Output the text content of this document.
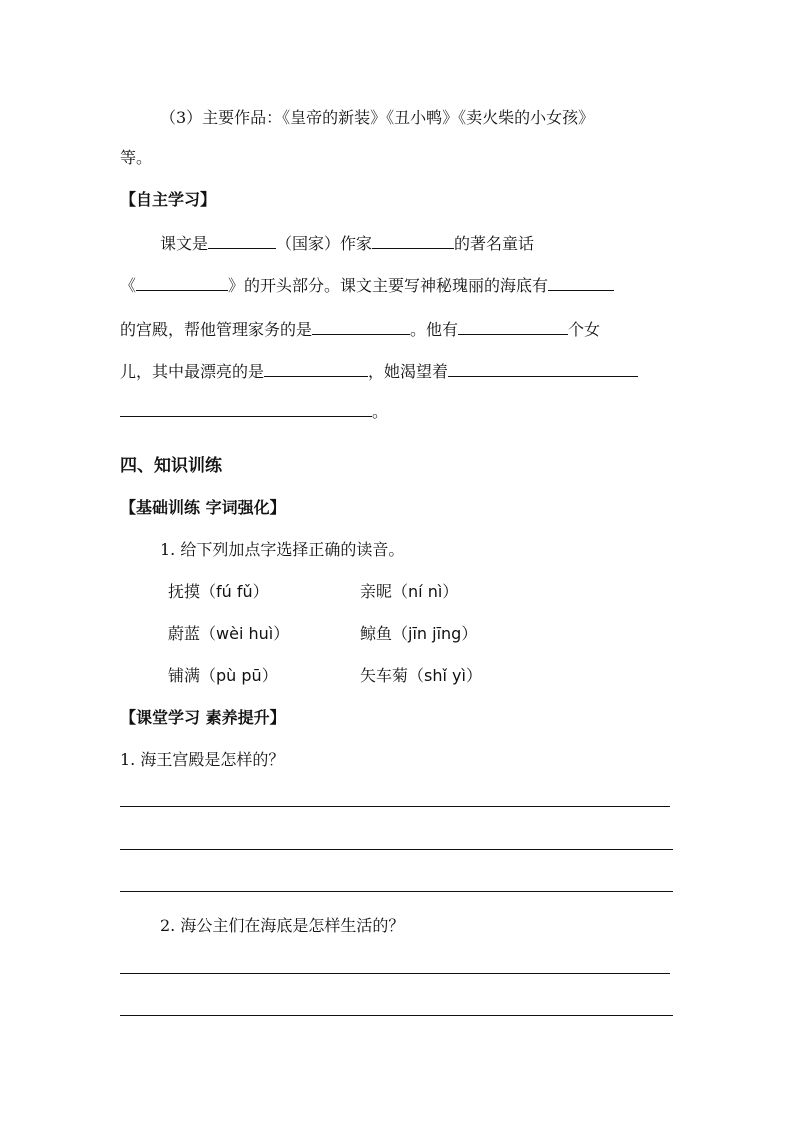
（3）主要作品：《皇帝的新装》《丑小鸭》《卖火柴的小女孩》
等。
【自主学习】
课文是	（国家）作家	的著名童话
《	》的开头部分。课文主要写神秘瑰丽的海底有
的宫殿，帮他管理家务的是	。他有	个女
儿，其中最漂亮的是	，她渴望着
。
四、知识训练
【基础训练 字词强化】
1. 给下列加点字选择正确的读音。
抚摸（fú fǔ）	亲昵（ní nì）
蔚蓝（wèi huì）	鲸鱼（jīn jīng）
铺满（pù pū）	矢车菊（shǐ yì）
【课堂学习 素养提升】
1. 海王宫殿是怎样的？
2. 海公主们在海底是怎样生活的？
